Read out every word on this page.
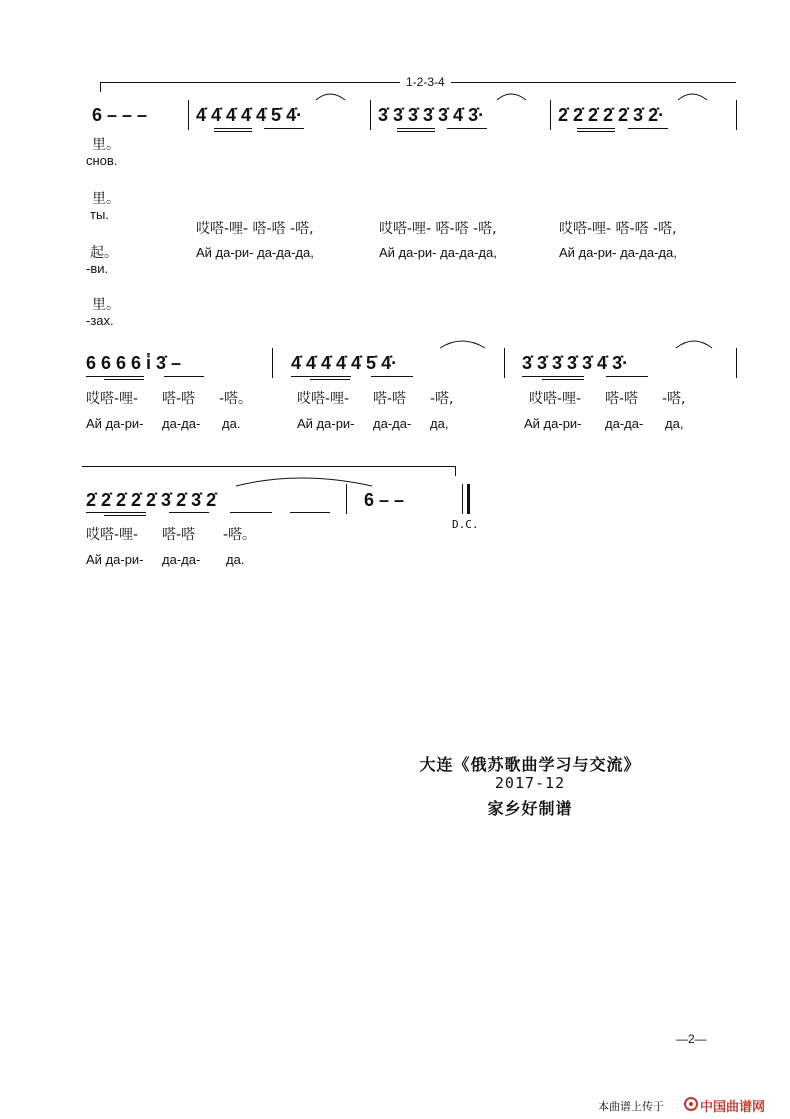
1-2-3-4
6 – – –	4̇ 4̇ 4̇ 4̇ 4̇ 5̇ 4̇·	3̇ 3̇ 3̇ 3̇ 3̇ 4̇ 3̇·	2̇ 2̇ 2̇ 2̇ 2̇ 3̇ 2̇·
里。
снов.
里。
ты.
起。
-ви.
里。
-зах.
哎嗒-哩- 嗒-嗒 -嗒,	哎嗒-哩- 嗒-嗒 -嗒,	哎嗒-哩- 嗒-嗒 -嗒,
Ай да-ри- да-да-да,	Ай да-ри- да-да-да,	Ай да-ри- да-да-да,
6 6 6 6 i̇ 3̇ –	4̇ 4̇ 4̇ 4̇ 4̇ 5̇ 4̇·	3̇ 3̇ 3̇ 3̇ 3̇ 4̇ 3̇·
哎嗒-哩- 嗒-嗒 -嗒。	哎嗒-哩- 嗒-嗒 -嗒,	哎嗒-哩- 嗒-嗒 -嗒,
Ай да-ри- да-да- да.	Ай да-ри- да-да- да,	Ай да-ри- да-да- да,
2̇ 2̇ 2̇ 2̇ 2̇ 3̇ 2̇ 3̇ 2̇	6 – –
D.C.
哎嗒-哩- 嗒-嗒 -嗒。
Ай да-ри- да-да- да.
大连《俄苏歌曲学习与交流》
2017-12
家乡好制谱
—2—
本曲谱上传于	中国曲谱网
